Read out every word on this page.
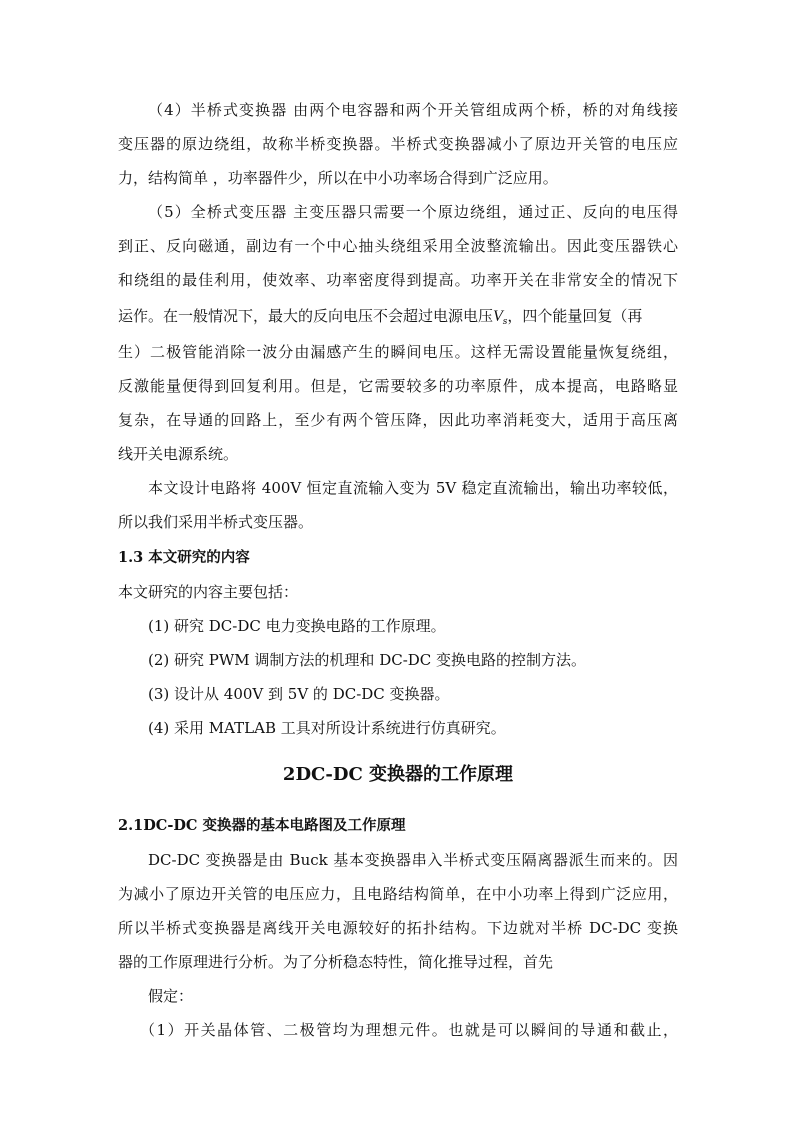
（4）半桥式变换器 由两个电容器和两个开关管组成两个桥，桥的对角线接
变压器的原边绕组，故称半桥变换器。半桥式变换器减小了原边开关管的电压应
力，结构简单 ，功率器件少，所以在中小功率场合得到广泛应用。
（5）全桥式变压器 主变压器只需要一个原边绕组，通过正、反向的电压得
到正、反向磁通，副边有一个中心抽头绕组采用全波整流输出。因此变压器铁心
和绕组的最佳利用，使效率、功率密度得到提高。功率开关在非常安全的情况下
运作。在一般情况下，最大的反向电压不会超过电源电压$V_s$，四个能量回复（再
生）二极管能消除一波分由漏感产生的瞬间电压。这样无需设置能量恢复绕组，
反激能量便得到回复利用。但是，它需要较多的功率原件，成本提高，电路略显
复杂，在导通的回路上，至少有两个管压降，因此功率消耗变大，适用于高压离
线开关电源系统。
本文设计电路将 400V 恒定直流输入变为 5V 稳定直流输出，输出功率较低，
所以我们采用半桥式变压器。
1.3 本文研究的内容
本文研究的内容主要包括：
(1) 研究 DC-DC 电力变换电路的工作原理。
(2) 研究 PWM 调制方法的机理和 DC-DC 变换电路的控制方法。
(3) 设计从 400V 到 5V 的 DC-DC 变换器。
(4) 采用 MATLAB 工具对所设计系统进行仿真研究。
2DC-DC 变换器的工作原理
2.1DC-DC 变换器的基本电路图及工作原理
DC-DC 变换器是由 Buck 基本变换器串入半桥式变压隔离器派生而来的。因
为减小了原边开关管的电压应力，且电路结构简单，在中小功率上得到广泛应用，
所以半桥式变换器是离线开关电源较好的拓扑结构。下边就对半桥 DC-DC 变换
器的工作原理进行分析。为了分析稳态特性，简化推导过程，首先
假定：
（1）开关晶体管、二极管均为理想元件。也就是可以瞬间的导通和截止，
